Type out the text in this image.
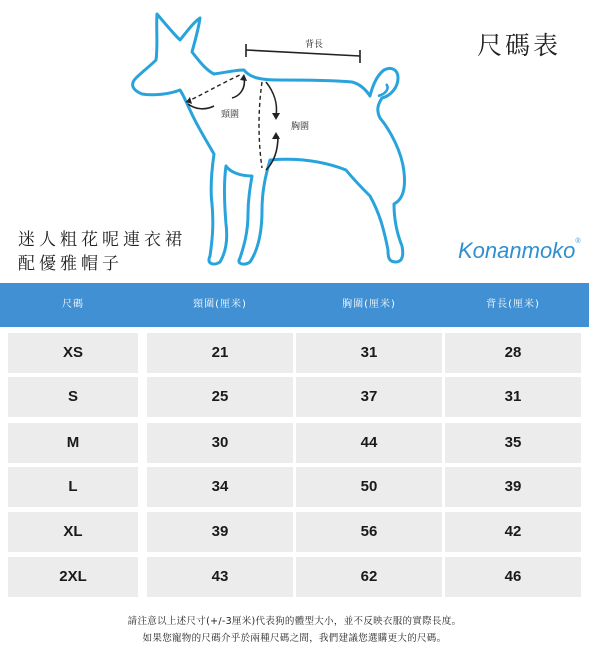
背長
頸圍
胸圍
尺碼表
迷人粗花呢連衣裙
配優雅帽子
Konanmoko®
尺碼	頸圍(厘米)	胸圍(厘米)	背長(厘米)
XS	21	31	28
S	25	37	31
M	30	44	35
L	34	50	39
XL	39	56	42
2XL	43	62	46
請注意以上述尺寸(+/-3厘米)代表狗的體型大小，並不反映衣服的實際長度。
如果您寵物的尺碼介乎於兩種尺碼之間，我們建議您選購更大的尺碼。
